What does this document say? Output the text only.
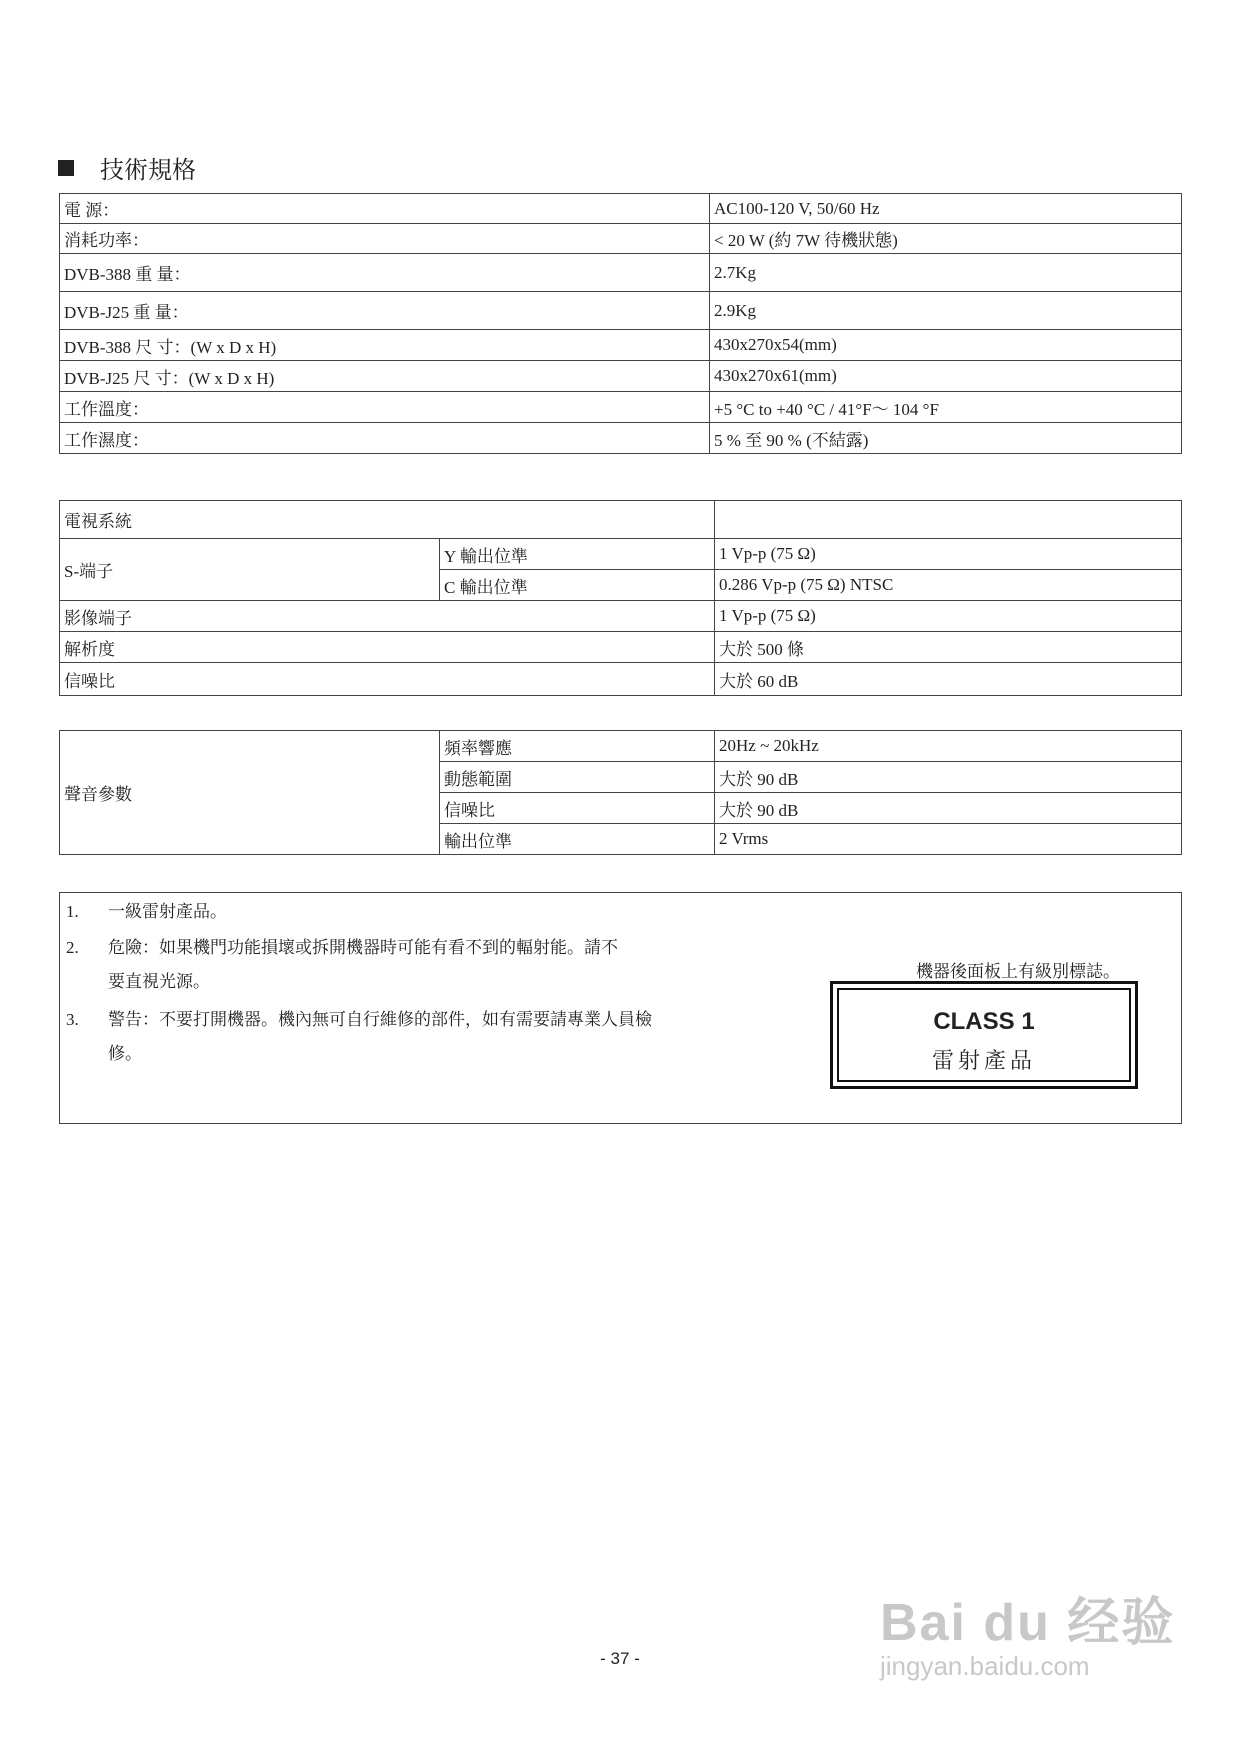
技術規格
電 源：	AC100-120 V, 50/60 Hz
消耗功率：	< 20 W (約 7W 待機狀態)
DVB-388 重 量：	2.7Kg
DVB-J25 重 量：	2.9Kg
DVB-388 尺 寸：(W x D x H)	430x270x54(mm)
DVB-J25 尺 寸：(W x D x H)	430x270x61(mm)
工作溫度：	+5 °C to +40 °C / 41°F～ 104 °F
工作濕度：	5 % 至 90 % (不結露)
電視系統		
S-端子	Y 輸出位準	1 Vp-p (75 Ω)
	C 輸出位準	0.286 Vp-p (75 Ω) NTSC
影像端子		1 Vp-p (75 Ω)
解析度		大於 500 條
信噪比		大於 60 dB
聲音參數	頻率響應	20Hz ~ 20kHz
	動態範圍	大於 90 dB
	信噪比	大於 90 dB
	輸出位準	2 Vrms
1. 一級雷射產品。
2. 危險：如果機門功能損壞或拆開機器時可能有看不到的輻射能。請不
要直視光源。
3. 警告：不要打開機器。機內無可自行維修的部件，如有需要請專業人員檢
修。
機器後面板上有級別標誌。
CLASS 1
雷射產品
- 37 -
Bai du 经验
jingyan.baidu.com
